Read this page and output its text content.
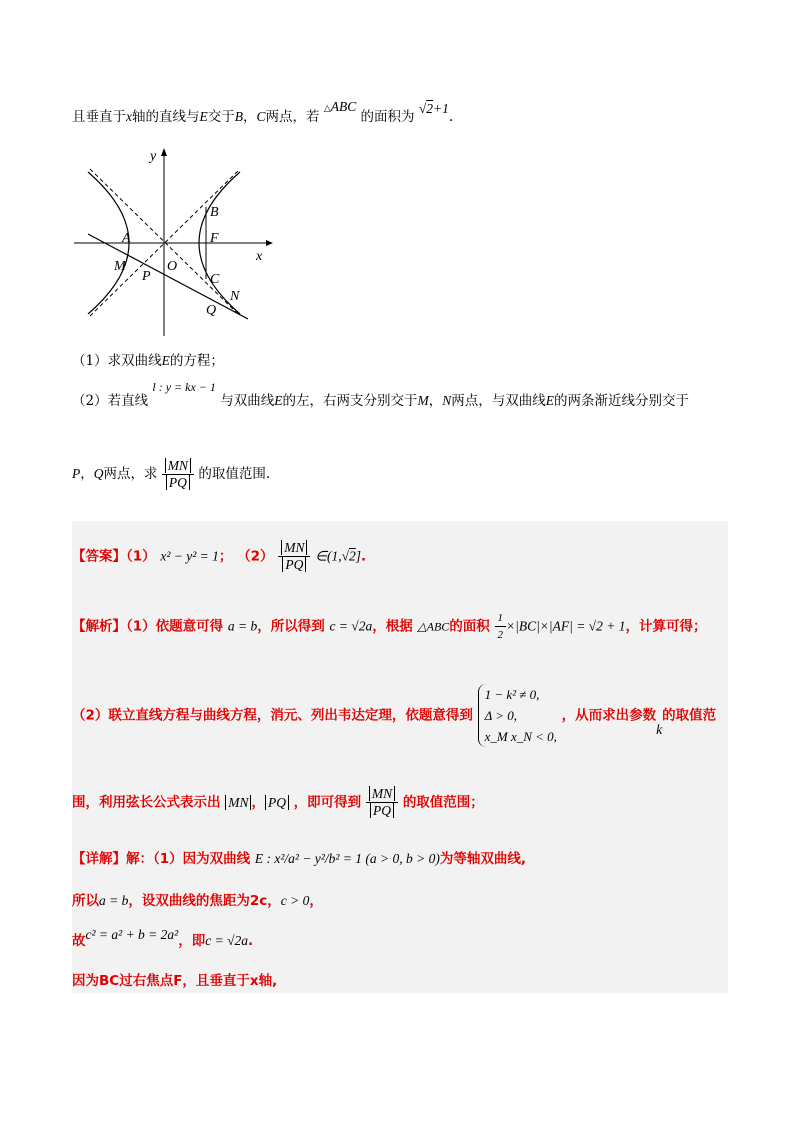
且垂直于x轴的直线与E交于B，C两点，若 △ABC 的面积为 √2+1.
y
x
A
B
F
C
M
P
O
Q
N
（1）求双曲线E的方程；
（2）若直线 l : y = kx − 1 与双曲线E的左，右两支分别交于M，N两点，与双曲线E的两条渐近线分别交于
P，Q两点，求 $\frac{MN}{PQ}$ 的取值范围.
【答案】（1） x² − y² = 1； $(2) \frac{MN}{PQ}$ ∈(1,√2].
【解析】（1）依题意可得 a = b，所以得到 c = √2a，根据 △ABC的面积 $\frac{1}{2} \times|BC|\times|AF| = √2 + 1$，计算可得；
（2）联立直线方程与曲线方程，消元、列出韦达定理，依题意得到
1 − k² ≠ 0,
Δ > 0,
x_M x_N < 0,
，从而求出参数k的取值范
围，利用弦长公式表示出 MN ， PQ ，即可得到 $\frac{MN}{PQ}$ 的取值范围；
【详解】解：（1）因为双曲线 E : x²/a² − y²/b² = 1 (a > 0, b > 0)为等轴双曲线,
所以a = b，设双曲线的焦距为2c，c > 0，
故c² = a² + b = 2a²，即c = √2a.
因为BC过右焦点F，且垂直于x轴,
